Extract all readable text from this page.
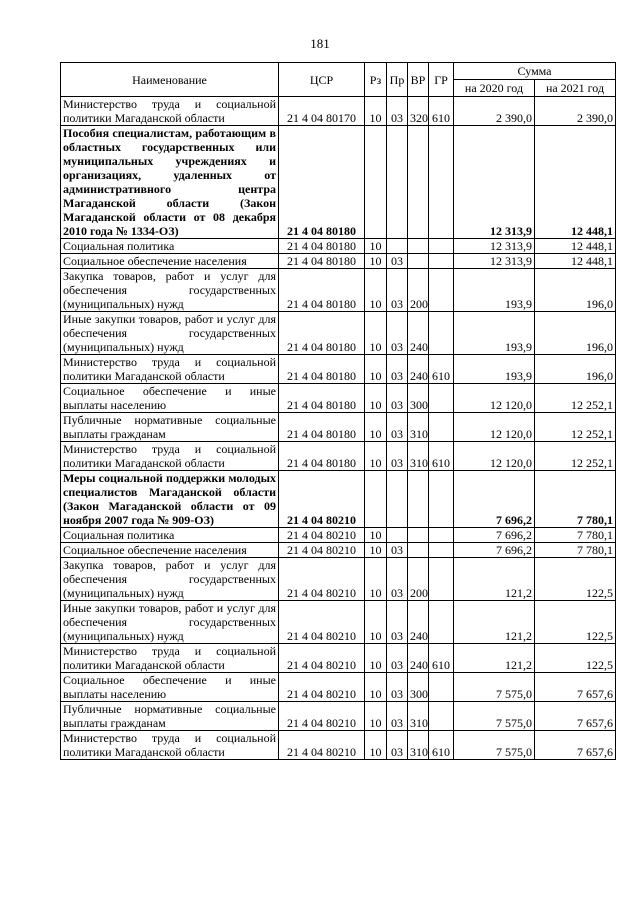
181
Наименование	ЦСР	Рз	Пр	ВР	ГР	Сумма	
						на 2020 год	на 2021 год
Министерство труда и социальной политики Магаданской области	21 4 04 80170	10	03	320	610	2 390,0	2 390,0
Пособия специалистам, работающим в областных государственных или муниципальных учреждениях и организациях, удаленных от административного центра Магаданской области (Закон Магаданской области от 08 декабря 2010 года № 1334-ОЗ)	21 4 04 80180					12 313,9	12 448,1
Социальная политика	21 4 04 80180	10				12 313,9	12 448,1
Социальное обеспечение населения	21 4 04 80180	10	03			12 313,9	12 448,1
Закупка товаров, работ и услуг для обеспечения государственных (муниципальных) нужд	21 4 04 80180	10	03	200		193,9	196,0
Иные закупки товаров, работ и услуг для обеспечения государственных (муниципальных) нужд	21 4 04 80180	10	03	240		193,9	196,0
Министерство труда и социальной политики Магаданской области	21 4 04 80180	10	03	240	610	193,9	196,0
Социальное обеспечение и иные выплаты населению	21 4 04 80180	10	03	300		12 120,0	12 252,1
Публичные нормативные социальные выплаты гражданам	21 4 04 80180	10	03	310		12 120,0	12 252,1
Министерство труда и социальной политики Магаданской области	21 4 04 80180	10	03	310	610	12 120,0	12 252,1
Меры социальной поддержки молодых специалистов Магаданской области (Закон Магаданской области от 09 ноября 2007 года № 909-ОЗ)	21 4 04 80210					7 696,2	7 780,1
Социальная политика	21 4 04 80210	10				7 696,2	7 780,1
Социальное обеспечение населения	21 4 04 80210	10	03			7 696,2	7 780,1
Закупка товаров, работ и услуг для обеспечения государственных (муниципальных) нужд	21 4 04 80210	10	03	200		121,2	122,5
Иные закупки товаров, работ и услуг для обеспечения государственных (муниципальных) нужд	21 4 04 80210	10	03	240		121,2	122,5
Министерство труда и социальной политики Магаданской области	21 4 04 80210	10	03	240	610	121,2	122,5
Социальное обеспечение и иные выплаты населению	21 4 04 80210	10	03	300		7 575,0	7 657,6
Публичные нормативные социальные выплаты гражданам	21 4 04 80210	10	03	310		7 575,0	7 657,6
Министерство труда и социальной политики Магаданской области	21 4 04 80210	10	03	310	610	7 575,0	7 657,6
